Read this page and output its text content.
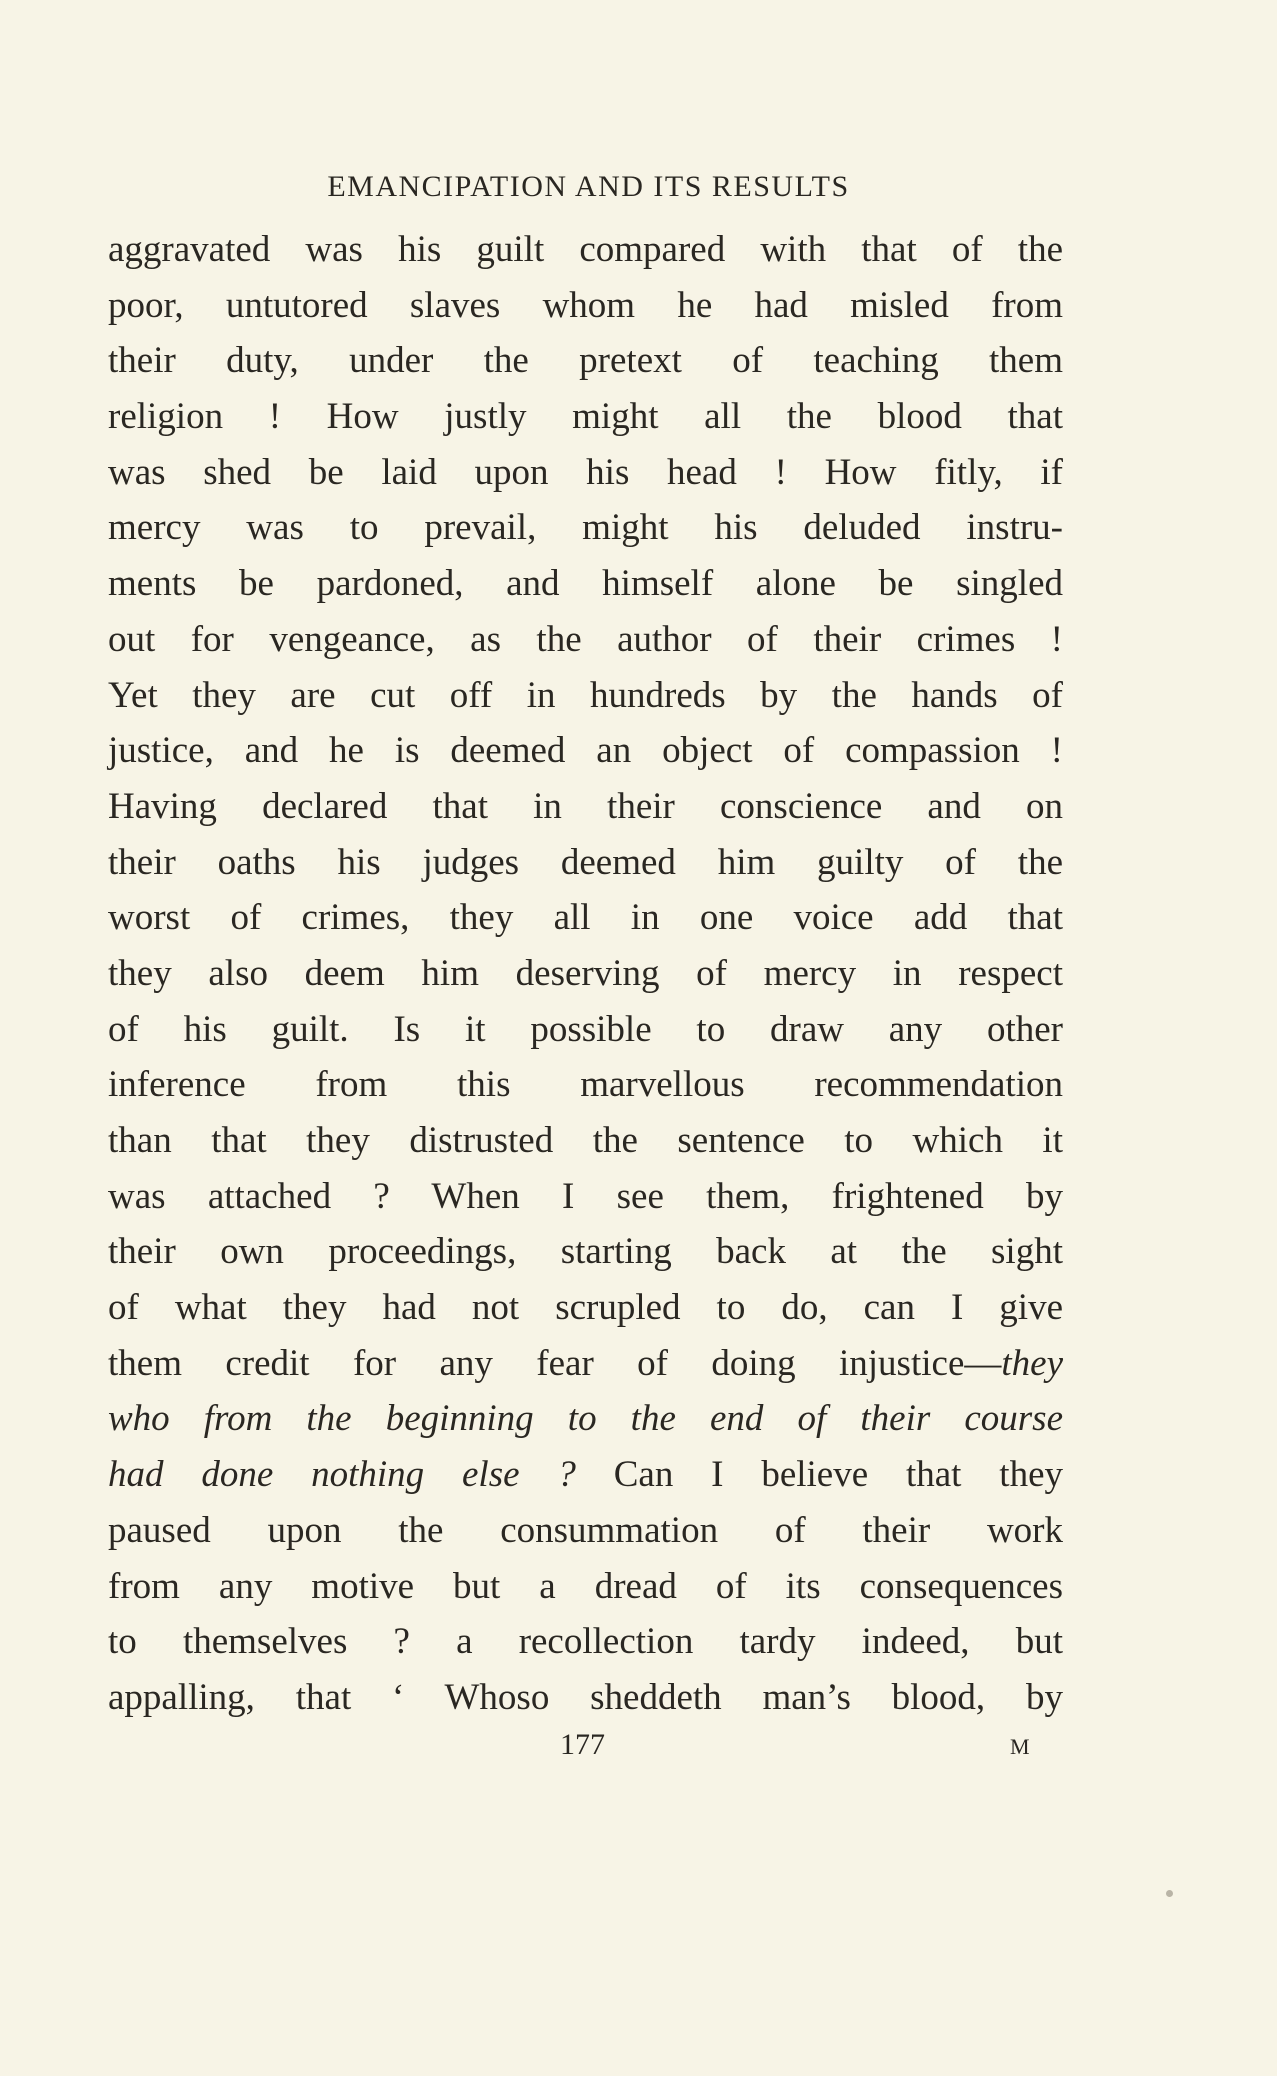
EMANCIPATION AND ITS RESULTS
aggravated was his guilt compared with that of the
poor, untutored slaves whom he had misled from
their duty, under the pretext of teaching them
religion ! How justly might all the blood that
was shed be laid upon his head ! How fitly, if
mercy was to prevail, might his deluded instru-
ments be pardoned, and himself alone be singled
out for vengeance, as the author of their crimes !
Yet they are cut off in hundreds by the hands of
justice, and he is deemed an object of compassion !
Having declared that in their conscience and on
their oaths his judges deemed him guilty of the
worst of crimes, they all in one voice add that
they also deem him deserving of mercy in respect
of his guilt. Is it possible to draw any other
inference from this marvellous recommendation
than that they distrusted the sentence to which it
was attached ? When I see them, frightened by
their own proceedings, starting back at the sight
of what they had not scrupled to do, can I give
them credit for any fear of doing injustice—they
who from the beginning to the end of their course
had done nothing else ? Can I believe that they
paused upon the consummation of their work
from any motive but a dread of its consequences
to themselves ? a recollection tardy indeed, but
appalling, that ‘ Whoso sheddeth man’s blood, by
177	M
